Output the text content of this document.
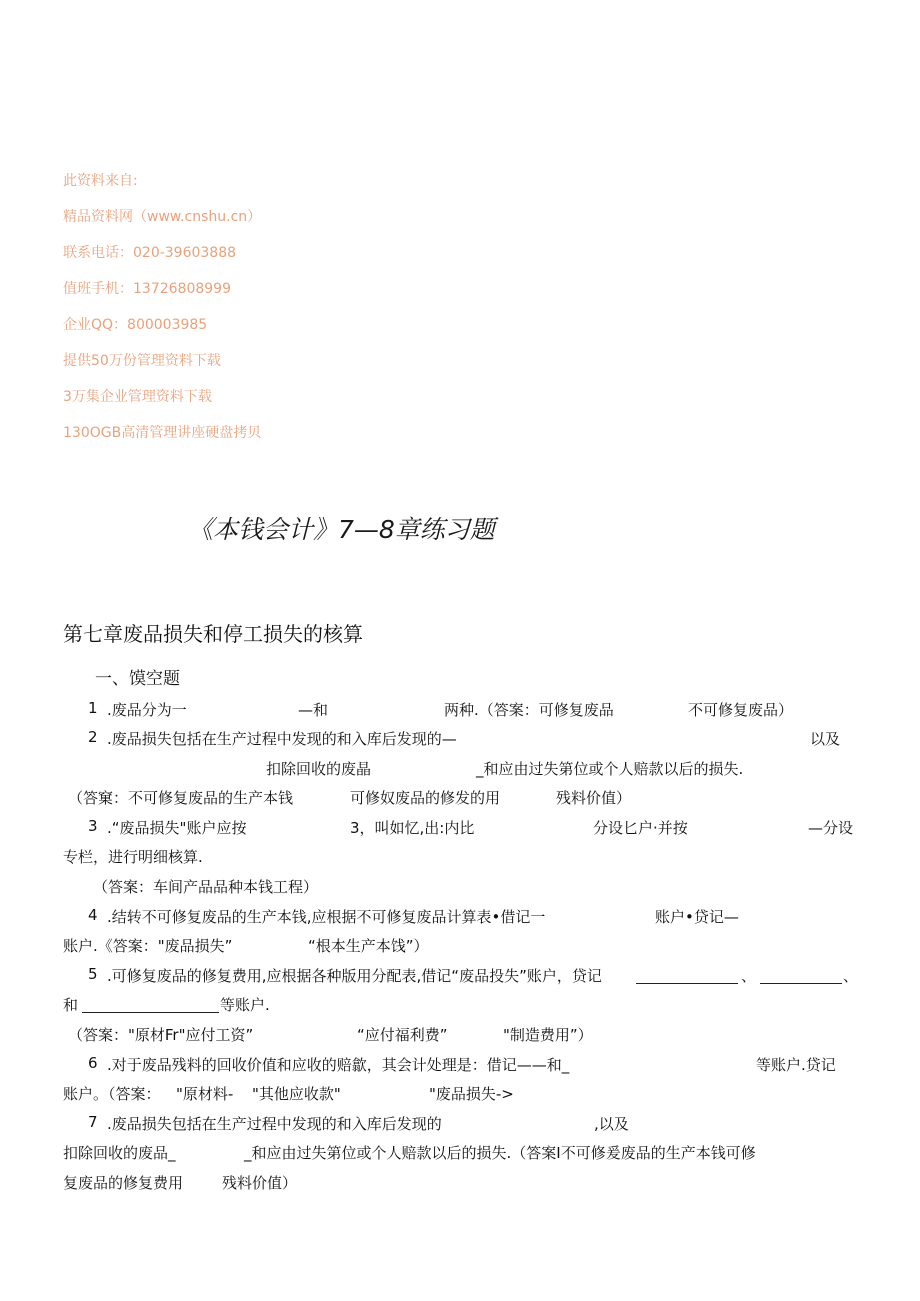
此资料来自:
精品资料网（www.cnshu.cn）
联系电话：020-39603888
值班手机：13726808999
企业QQ：800003985
提供50万份管理资料下载
3万集企业管理资料下载
130OGB高清管理讲座硬盘拷贝
《本钱会计》7—8章练习题
第七章废品损失和停工损失的核算
一、馍空题
1 .废品分为一	—和	两种.（答案：可修复废品	不可修复废品）
2 .废品损失包括在生产过程中发现的和入库后发现的—	以及
扣除回收的废晶	_和应由过失第位或个人赔款以后的损失.
（答窠：不可修复废品的生产本钱	可修奴废品的修发的用	残料价值）
3 .“废品损失"账户应按	3，叫如忆,出:内比	分设匕户·并按	—分设
专栏，进行明细核算.
（答案：车间产品品种本钱工程）
4 .结转不可修复废品的生产本钱,应根据不可修复废品计算表•借记一	账户•贷记—
账户.《答案："废品损失”	“根本生产本饯”）
5 .可修复废品的修复费用,应根据各种版用分配表,借记“废品投失”账户，贷记	、	、
和	等账户.
（答案："原材Fr"应付工资”	“应付福利费”	"制造费用”）
6 .对于废品残料的回收价值和应收的赔歙，其会计处理是：借记——和_	等账户.贷记
账户。（答案： "原材料- "其他应收款"	"废品损失->
7 .废品损失包括在生产过程中发现的和入库后发现的	,以及
扣除回收的废品_	_和应由过失第位或个人赔款以后的损失.（答案I不可修爰废品的生产本钱可修
复废品的修复费用	残料价值）
